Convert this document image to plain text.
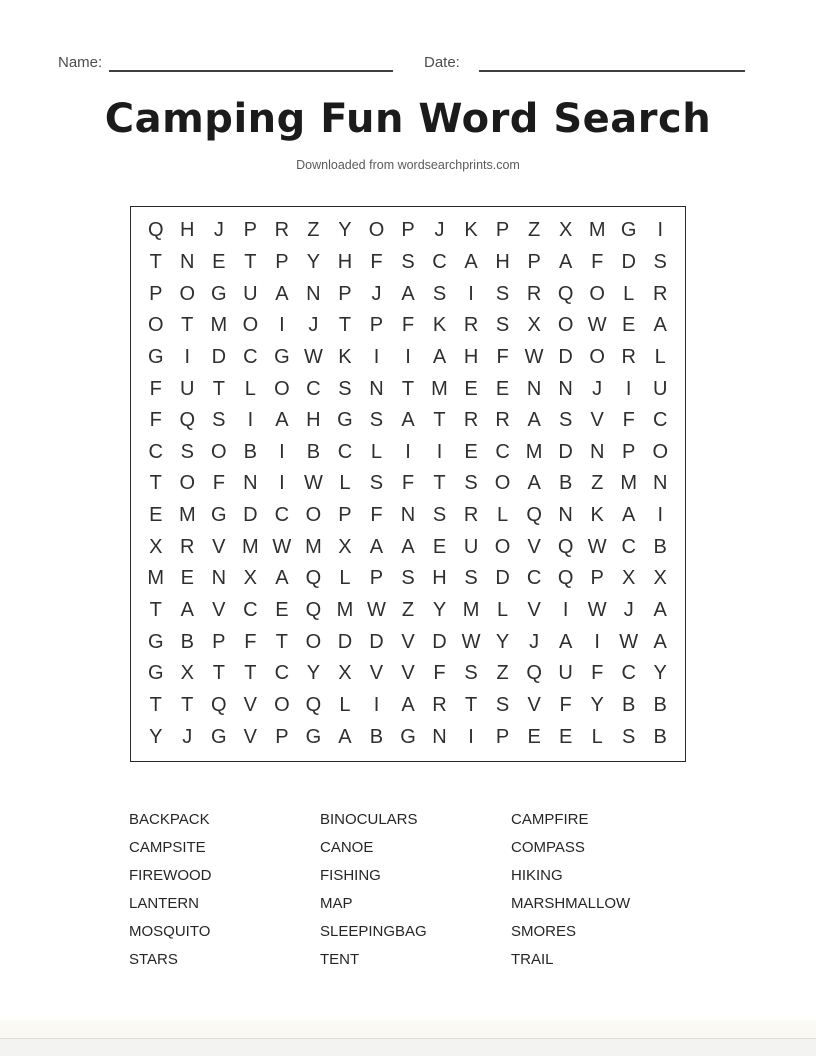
Name:	Date:
Camping Fun Word Search
Downloaded from wordsearchprints.com
Q H J P R Z Y O P J K P Z X M G	I
T N E T P Y H F S C A H P A F D S
P O G U A N P J A S	I	S R Q O L R
O T M O	I	J	T P F K R S X O W E A
G	I	D C G W K	I	I	A H F W D O R L
F U T L O C S N T M E E N N J	I	U
F Q S	I	A H G S A T R R A S V F C
C S O B	I	B C L	I	I	E C M D N P O
T O F N	I W L S F T S O A B Z M N
E M G D C O P F N S R L Q N K A	I
X R V M W M X A A E U O V Q W C B
M E N X A Q L P S H S D C Q P X X
T A V C E Q M W Z Y M L V	I W J A
G B P F T O D D V D W Y J A	I W A
G X T T C Y X V V F S Z Q U F C Y
T T Q V O Q L	I	A R T S V F Y B B
Y J G V P G A B G N	I	P E E L S B
BACKPACK
CAMPSITE
FIREWOOD
LANTERN
MOSQUITO
STARS
BINOCULARS
CANOE
FISHING
MAP
SLEEPINGBAG
TENT
CAMPFIRE
COMPASS
HIKING
MARSHMALLOW
SMORES
TRAIL
